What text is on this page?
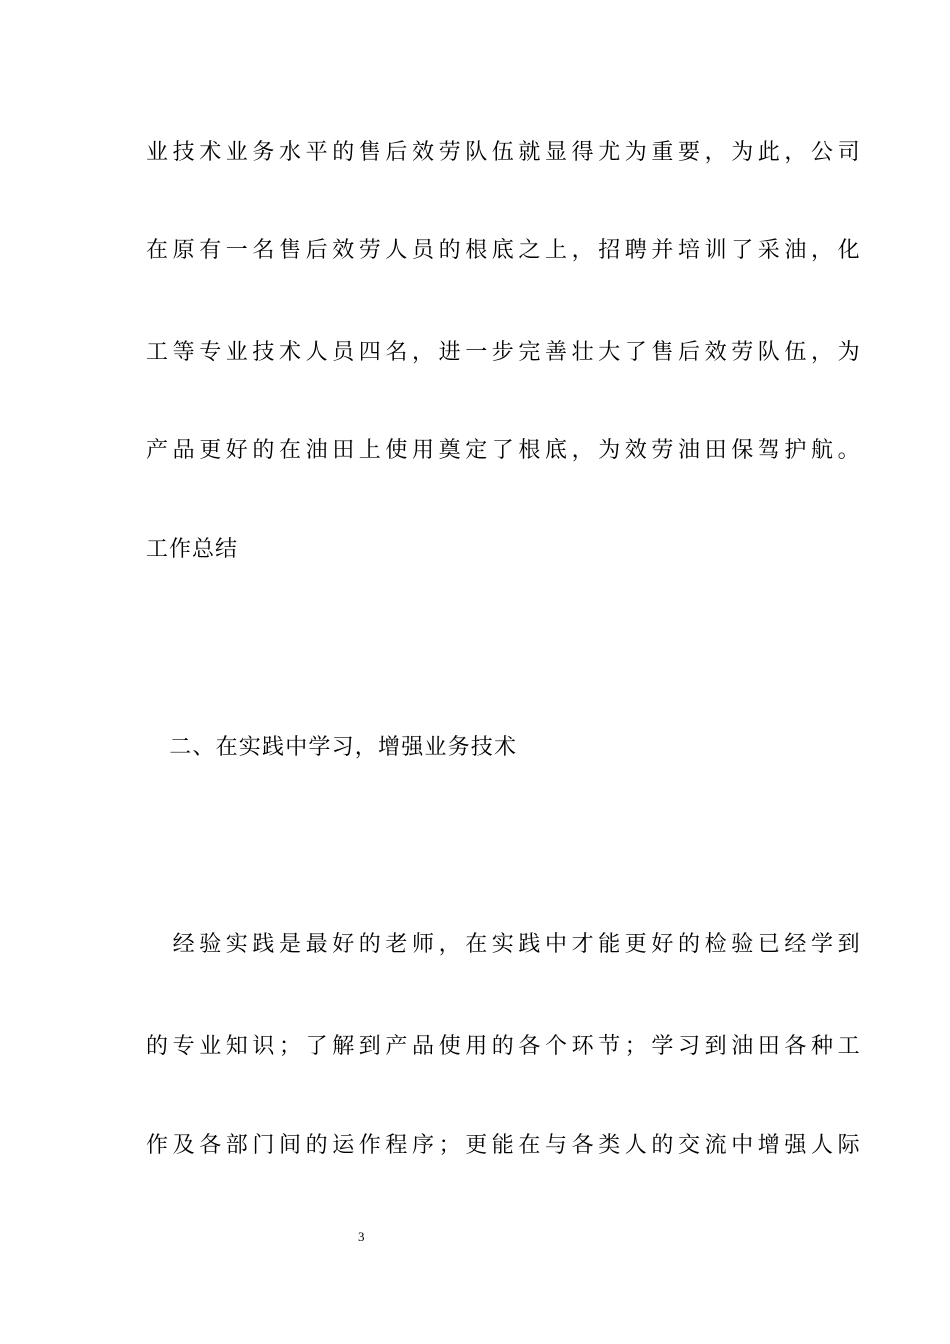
业技术业务水平的售后效劳队伍就显得尤为重要，为此，公司
在原有一名售后效劳人员的根底之上，招聘并培训了采油，化
工等专业技术人员四名，进一步完善壮大了售后效劳队伍，为
产品更好的在油田上使用奠定了根底，为效劳油田保驾护航。
工作总结
　二、在实践中学习，增强业务技术
　经验实践是最好的老师，在实践中才能更好的检验已经学到
的专业知识；了解到产品使用的各个环节；学习到油田各种工
作及各部门间的运作程序；更能在与各类人的交流中增强人际
3
